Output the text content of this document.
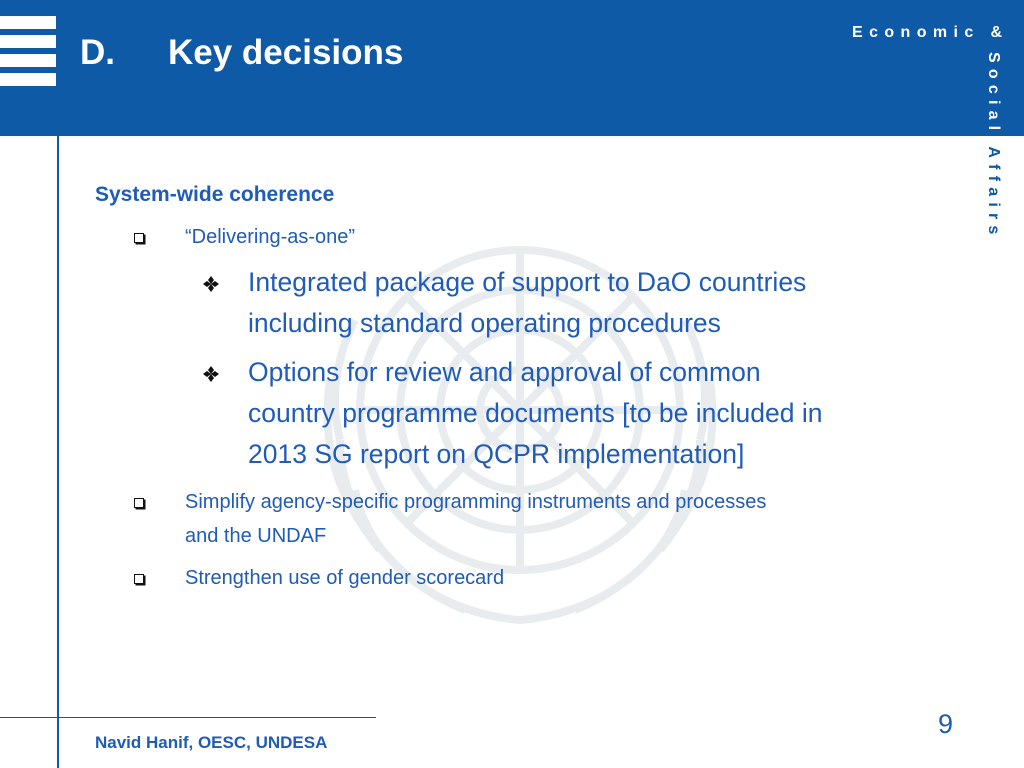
D. Key decisions
Economic &
Social Affairs
System-wide coherence
“Delivering-as-one”
Integrated package of support to DaO countries
including standard operating procedures
Options for review and approval of common
country programme documents [to be included in
2013 SG report on QCPR implementation]
Simplify agency-specific programming instruments and processes
and the UNDAF
Strengthen use of gender scorecard
Navid Hanif, OESC, UNDESA
9
